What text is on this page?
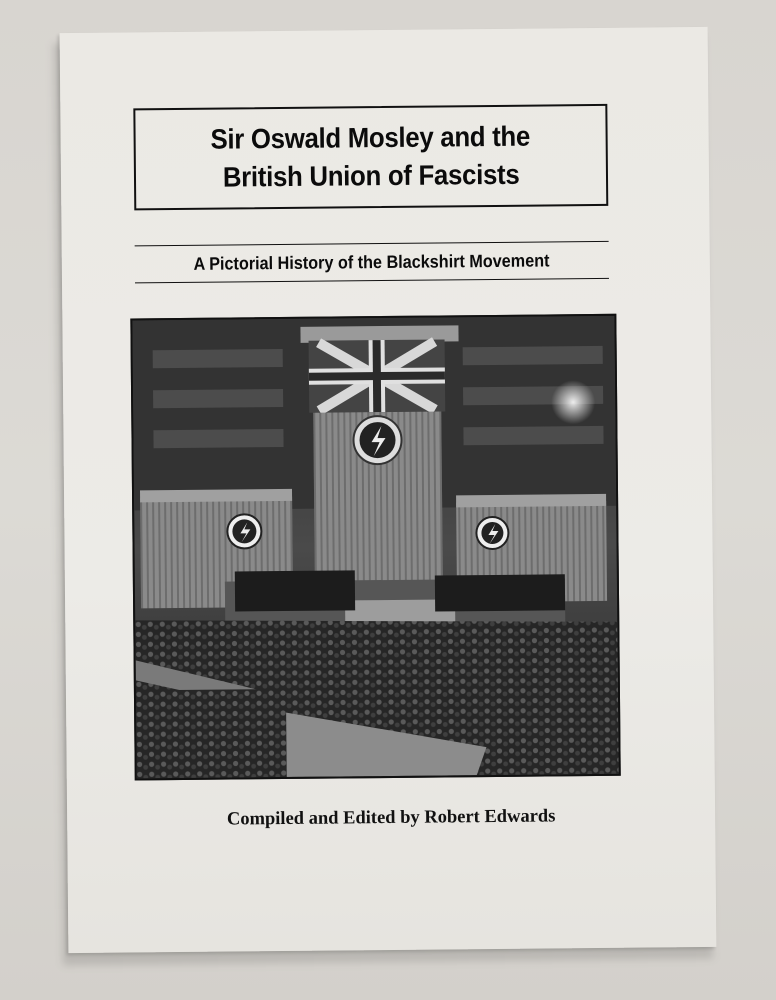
Sir Oswald Mosley and the
British Union of Fascists
A Pictorial History of the Blackshirt Movement
Compiled and Edited by Robert Edwards
